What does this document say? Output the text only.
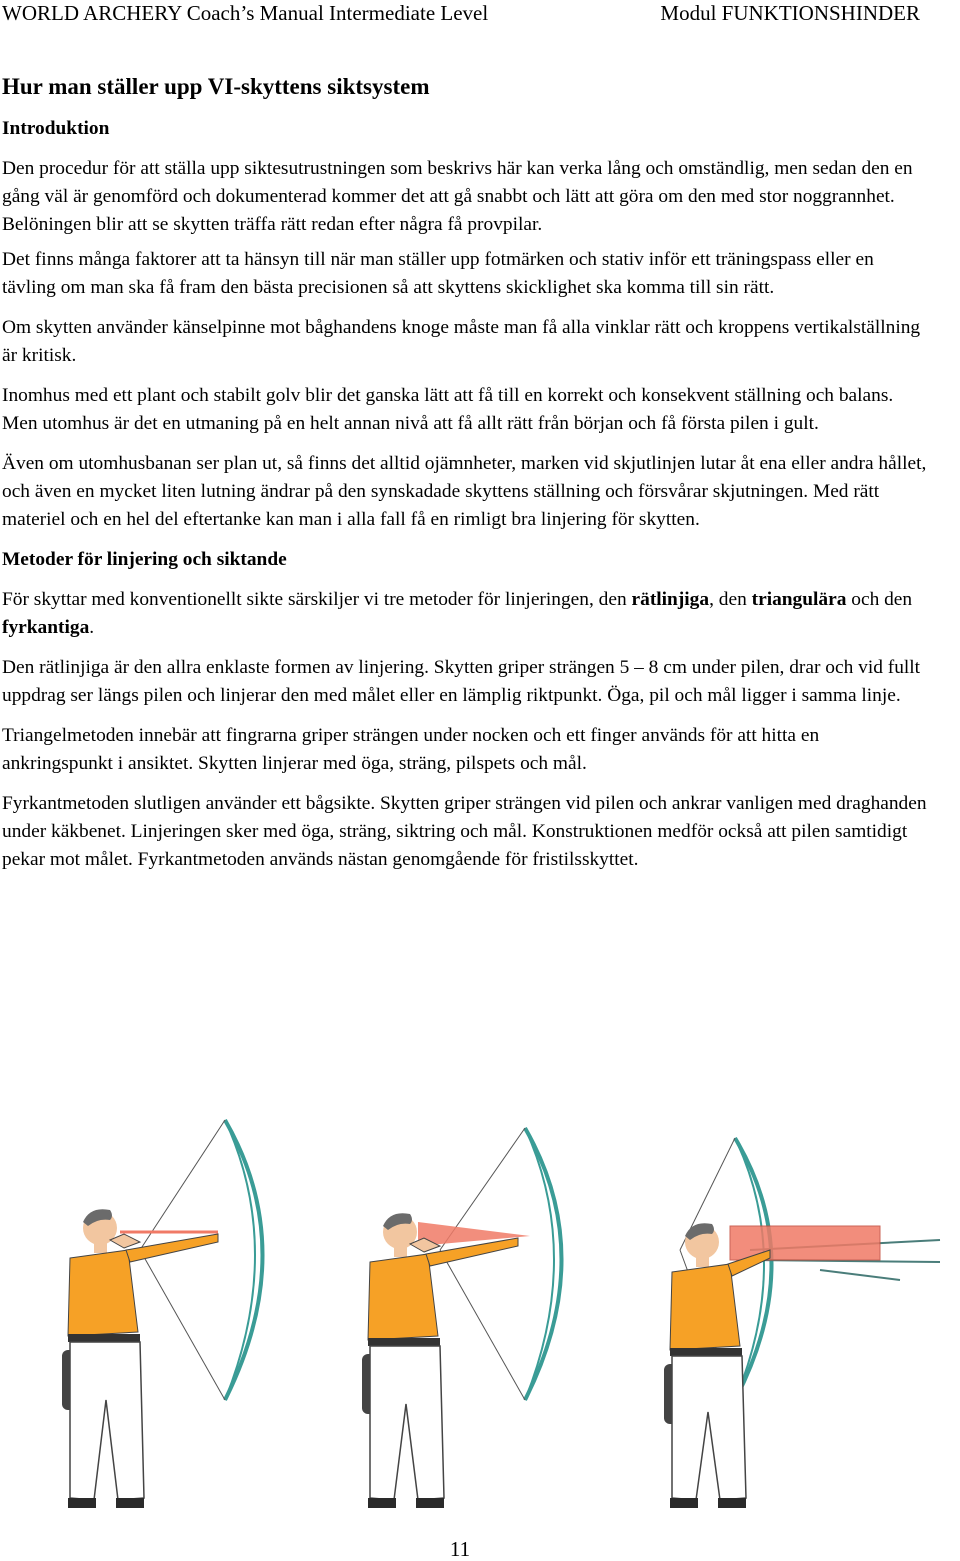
WORLD ARCHERY Coach’s Manual Intermediate Level	Modul FUNKTIONSHINDER
Hur man ställer upp VI-skyttens siktsystem
Introduktion

Den procedur för att ställa upp siktesutrustningen som beskrivs här kan verka lång och omständlig, men sedan den en gång väl är genomförd och dokumenterad kommer det att gå snabbt och lätt att göra om den med stor noggrannhet. Belöningen blir att se skytten träffa rätt redan efter några få provpilar.

Det finns många faktorer att ta hänsyn till när man ställer upp fotmärken och stativ inför ett träningspass eller en tävling om man ska få fram den bästa precisionen så att skyttens skicklighet ska komma till sin rätt.

Om skytten använder känselpinne mot båghandens knoge måste man få alla vinklar rätt och kroppens vertikalställning är kritisk.

Inomhus med ett plant och stabilt golv blir det ganska lätt att få till en korrekt och konsekvent ställning och balans. Men utomhus är det en utmaning på en helt annan nivå att få allt rätt från början och få första pilen i gult.

Även om utomhusbanan ser plan ut, så finns det alltid ojämnheter, marken vid skjutlinjen lutar åt ena eller andra hållet, och även en mycket liten lutning ändrar på den synskadade skyttens ställning och försvårar skjutningen. Med rätt materiel och en hel del eftertanke kan man i alla fall få en rimligt bra linjering för skytten.

Metoder för linjering och siktande

För skyttar med konventionellt sikte särskiljer vi tre metoder för linjeringen, den rätlinjiga, den triangulära och den fyrkantiga.

Den rätlinjiga är den allra enklaste formen av linjering. Skytten griper strängen 5 – 8 cm under pilen, drar och vid fullt uppdrag ser längs pilen och linjerar den med målet eller en lämplig riktpunkt. Öga, pil och mål ligger i samma linje.

Triangelmetoden innebär att fingrarna griper strängen under nocken och ett finger används för att hitta en ankringspunkt i ansiktet. Skytten linjerar med öga, sträng, pilspets och mål.

Fyrkantmetoden slutligen använder ett bågsikte. Skytten griper strängen vid pilen och ankrar vanligen med draghanden under käkbenet. Linjeringen sker med öga, sträng, siktring och mål. Konstruktionen medför också att pilen samtidigt pekar mot målet. Fyrkantmetoden används nästan genomgående för fristilsskyttet.

11
